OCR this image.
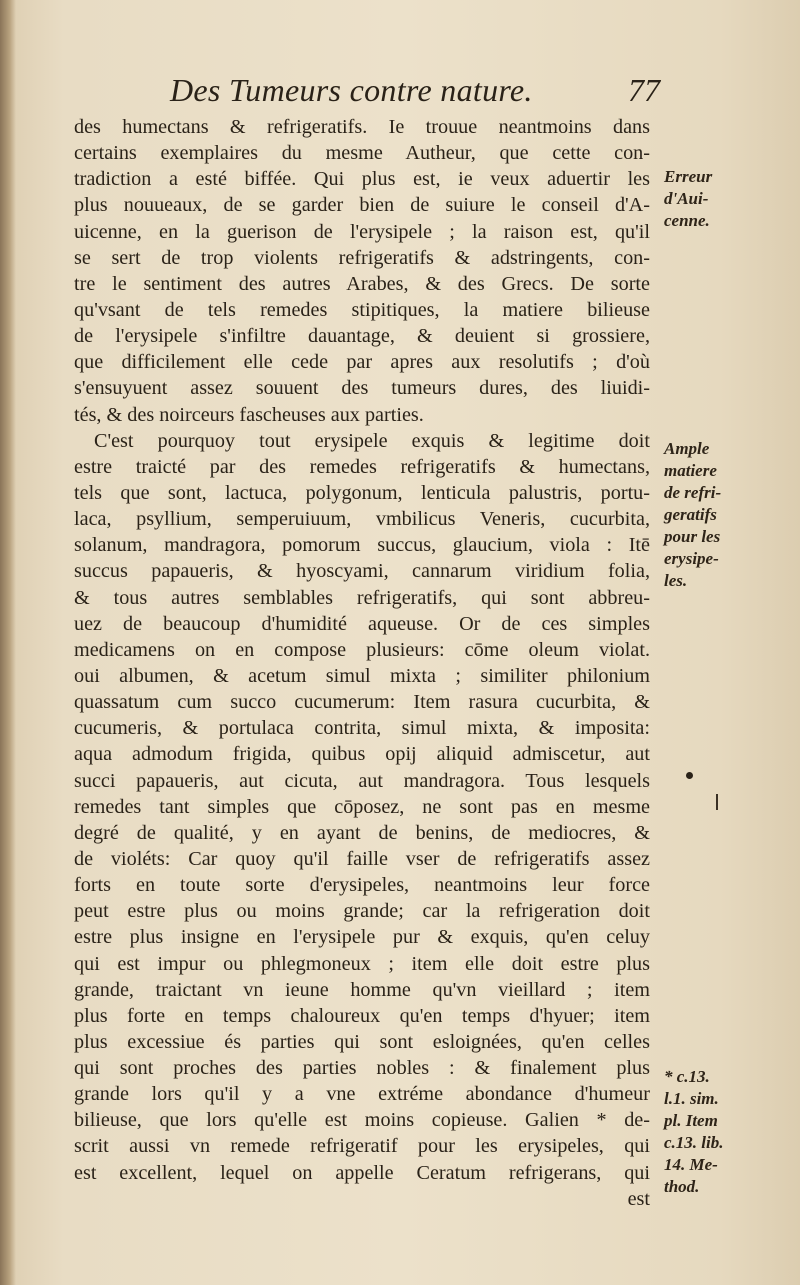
Des Tumeurs contre nature.	77
des humectans & refrigeratifs. Ie trouue neantmoins dans
certains exemplaires du mesme Autheur, que cette con-
tradiction a esté biffée. Qui plus est, ie veux aduertir les
plus nouueaux, de se garder bien de suiure le conseil d'A-
uicenne, en la guerison de l'erysipele ; la raison est, qu'il
se sert de trop violents refrigeratifs & adstringents, con-
tre le sentiment des autres Arabes, & des Grecs. De sorte
qu'vsant de tels remedes stipitiques, la matiere bilieuse
de l'erysipele s'infiltre dauantage, & deuient si grossiere,
que difficilement elle cede par apres aux resolutifs ; d'où
s'ensuyuent assez souuent des tumeurs dures, des liuidi-
tés, & des noirceurs fascheuses aux parties.
C'est pourquoy tout erysipele exquis & legitime doit
estre traicté par des remedes refrigeratifs & humectans,
tels que sont, lactuca, polygonum, lenticula palustris, portu-
laca, psyllium, semperuiuum, vmbilicus Veneris, cucurbita,
solanum, mandragora, pomorum succus, glaucium, viola : Itē
succus papaueris, & hyoscyami, cannarum viridium folia,
& tous autres semblables refrigeratifs, qui sont abbreu-
uez de beaucoup d'humidité aqueuse. Or de ces simples
medicamens on en compose plusieurs: cōme oleum violat.
oui albumen, & acetum simul mixta ; similiter philonium
quassatum cum succo cucumerum: Item rasura cucurbita, &
cucumeris, & portulaca contrita, simul mixta, & imposita:
aqua admodum frigida, quibus opij aliquid admiscetur, aut
succi papaueris, aut cicuta, aut mandragora. Tous lesquels
remedes tant simples que cōposez, ne sont pas en mesme
degré de qualité, y en ayant de benins, de mediocres, &
de violéts: Car quoy qu'il faille vser de refrigeratifs assez
forts en toute sorte d'erysipeles, neantmoins leur force
peut estre plus ou moins grande; car la refrigeration doit
estre plus insigne en l'erysipele pur & exquis, qu'en celuy
qui est impur ou phlegmoneux ; item elle doit estre plus
grande, traictant vn ieune homme qu'vn vieillard ; item
plus forte en temps chaloureux qu'en temps d'hyuer; item
plus excessiue és parties qui sont esloignées, qu'en celles
qui sont proches des parties nobles : & finalement plus
grande lors qu'il y a vne extréme abondance d'humeur
bilieuse, que lors qu'elle est moins copieuse. Galien * de-
scrit aussi vn remede refrigeratif pour les erysipeles, qui
est excellent, lequel on appelle Ceratum refrigerans, qui
est
Erreur
d'Aui-
cenne.
Ample
matiere
de refri-
geratifs
pour les
erysipe-
les.
* c.13.
l.1. sim.
pl. Item
c.13. lib.
14. Me-
thod.
